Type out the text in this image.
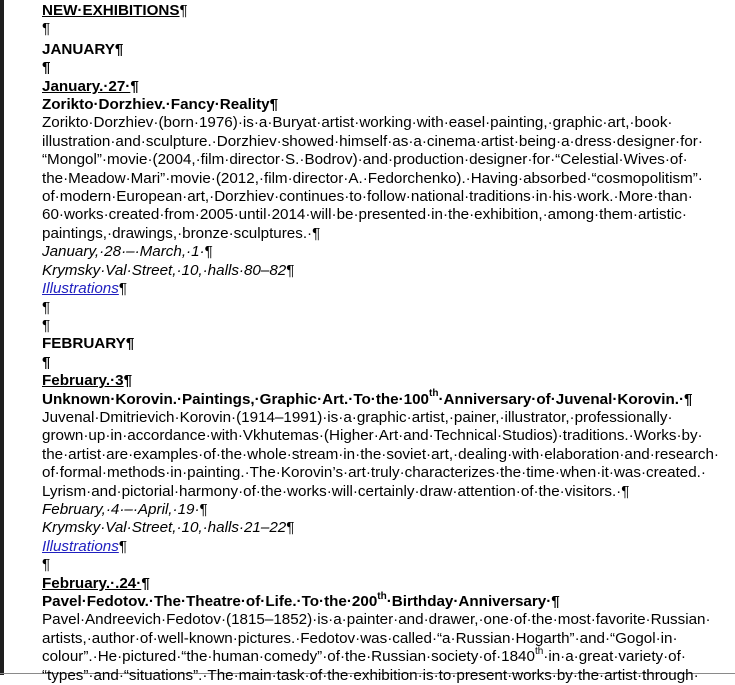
NEW·EXHIBITIONS¶

¶

JANUARY¶

¶

January.·27·¶

Zorikto·Dorzhiev.·Fancy·Reality¶

Zorikto·Dorzhiev·(born·1976)·is·a·Buryat·artist·working·with·easel·painting,·graphic·art,·book· illustration·and·sculpture.·Dorzhiev·showed·himself·as·a·cinema·artist·being·a·dress·designer·for· “Mongol”·movie·(2004,·film·director·S.·Bodrov)·and·production·designer·for·“Celestial·Wives·of· the·Meadow·Mari”·movie·(2012,·film·director·A.·Fedorchenko).·Having·absorbed·“cosmopolitism”· of·modern·European·art,·Dorzhiev·continues·to·follow·national·traditions·in·his·work.·More·than· 60·works·created·from·2005·until·2014·will·be·presented·in·the·exhibition,·among·them·artistic· paintings,·drawings,·bronze·sculptures.·¶

January,·28·–·March,·1·¶

Krymsky·Val·Street,·10,·halls·80–82¶

Illustrations¶

¶

¶

FEBRUARY¶

¶

February.·3¶

Unknown·Korovin.·Paintings,·Graphic·Art.·To·the·100th·Anniversary·of·Juvenal·Korovin.·¶

Juvenal·Dmitrievich·Korovin·(1914–1991)·is·a·graphic·artist,·painer,·illustrator,·professionally· grown·up·in·accordance·with·Vkhutemas·(Higher·Art·and·Technical·Studios)·traditions.·Works·by· the·artist·are·examples·of·the·whole·stream·in·the·soviet·art,·dealing·with·elaboration·and·research· of·formal·methods·in·painting.·The·Korovin’s·art·truly·characterizes·the·time·when·it·was·created.· Lyrism·and·pictorial·harmony·of·the·works·will·certainly·draw·attention·of·the·visitors.·¶

February,·4·–·April,·19·¶

Krymsky·Val·Street,·10,·halls·21–22¶

Illustrations¶

¶

February.·.24·¶

Pavel·Fedotov.·The·Theatre·of·Life.·To·the·200th·Birthday·Anniversary·¶

Pavel·Andreevich·Fedotov·(1815–1852)·is·a·painter·and·drawer,·one·of·the·most·favorite·Russian· artists,·author·of·well-known·pictures.·Fedotov·was·called·“a·Russian·Hogarth”·and·“Gogol·in· colour”.·He·pictured·“the·human·comedy”·of·the·Russian·society·of·1840th·in·a·great·variety·of· “types”·and·“situations”.·The·main·task·of·the·exhibition·is·to·present·works·by·the·artist·through·
